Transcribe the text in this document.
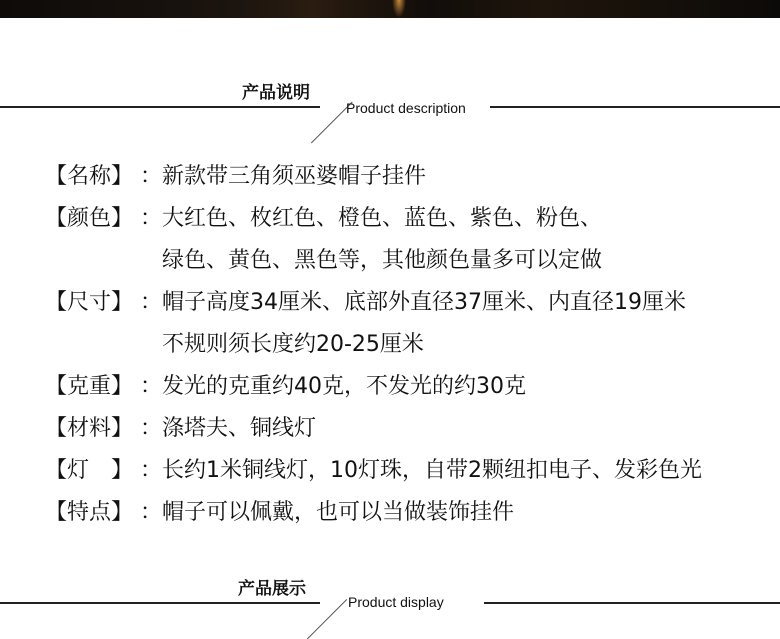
产品说明
Product description
【名称】 ： 新款带三角须巫婆帽子挂件
【颜色】 ： 大红色、枚红色、橙色、蓝色、紫色、粉色、
绿色、黄色、黑色等，其他颜色量多可以定做
【尺寸】 ： 帽子高度34厘米、底部外直径37厘米、内直径19厘米
不规则须长度约20-25厘米
【克重】 ： 发光的克重约40克，不发光的约30克
【材料】 ： 涤塔夫、铜线灯
【灯　】 ： 长约1米铜线灯，10灯珠，自带2颗纽扣电子、发彩色光
【特点】 ： 帽子可以佩戴，也可以当做装饰挂件
产品展示
Product display
